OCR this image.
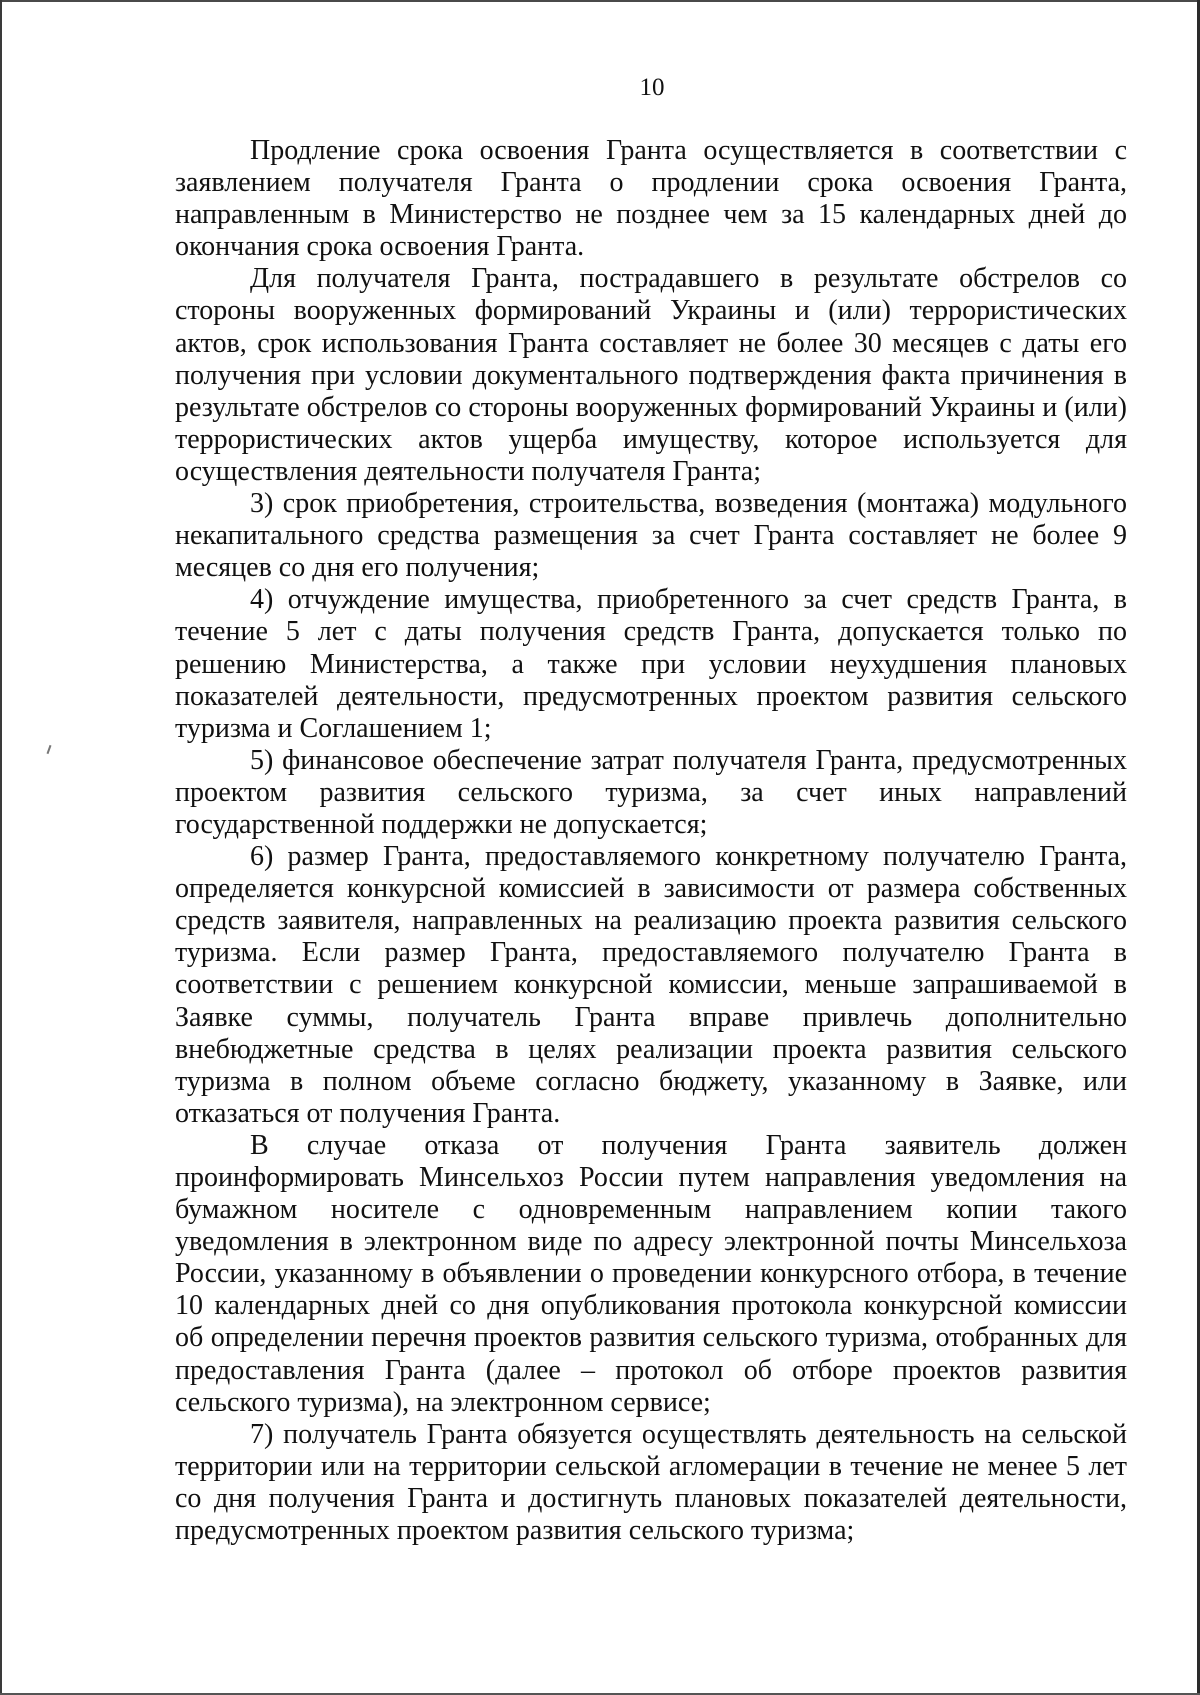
10

Продление срока освоения Гранта осуществляется в соответствии с заявлением получателя Гранта о продлении срока освоения Гранта, направленным в Министерство не позднее чем за 15 календарных дней до окончания срока освоения Гранта.

Для получателя Гранта, пострадавшего в результате обстрелов со стороны вооруженных формирований Украины и (или) террористических актов, срок использования Гранта составляет не более 30 месяцев с даты его получения при условии документального подтверждения факта причинения в результате обстрелов со стороны вооруженных формирований Украины и (или) террористических актов ущерба имуществу, которое используется для осуществления деятельности получателя Гранта;

3) срок приобретения, строительства, возведения (монтажа) модульного некапитального средства размещения за счет Гранта составляет не более 9 месяцев со дня его получения;

4) отчуждение имущества, приобретенного за счет средств Гранта, в течение 5 лет с даты получения средств Гранта, допускается только по решению Министерства, а также при условии неухудшения плановых показателей деятельности, предусмотренных проектом развития сельского туризма и Соглашением 1;

5) финансовое обеспечение затрат получателя Гранта, предусмотренных проектом развития сельского туризма, за счет иных направлений государственной поддержки не допускается;

6) размер Гранта, предоставляемого конкретному получателю Гранта, определяется конкурсной комиссией в зависимости от размера собственных средств заявителя, направленных на реализацию проекта развития сельского туризма. Если размер Гранта, предоставляемого получателю Гранта в соответствии с решением конкурсной комиссии, меньше запрашиваемой в Заявке суммы, получатель Гранта вправе привлечь дополнительно внебюджетные средства в целях реализации проекта развития сельского туризма в полном объеме согласно бюджету, указанному в Заявке, или отказаться от получения Гранта.

В случае отказа от получения Гранта заявитель должен проинформировать Минсельхоз России путем направления уведомления на бумажном носителе с одновременным направлением копии такого уведомления в электронном виде по адресу электронной почты Минсельхоза России, указанному в объявлении о проведении конкурсного отбора, в течение 10 календарных дней со дня опубликования протокола конкурсной комиссии об определении перечня проектов развития сельского туризма, отобранных для предоставления Гранта (далее – протокол об отборе проектов развития сельского туризма), на электронном сервисе;

7) получатель Гранта обязуется осуществлять деятельность на сельской территории или на территории сельской агломерации в течение не менее 5 лет со дня получения Гранта и достигнуть плановых показателей деятельности, предусмотренных проектом развития сельского туризма;
